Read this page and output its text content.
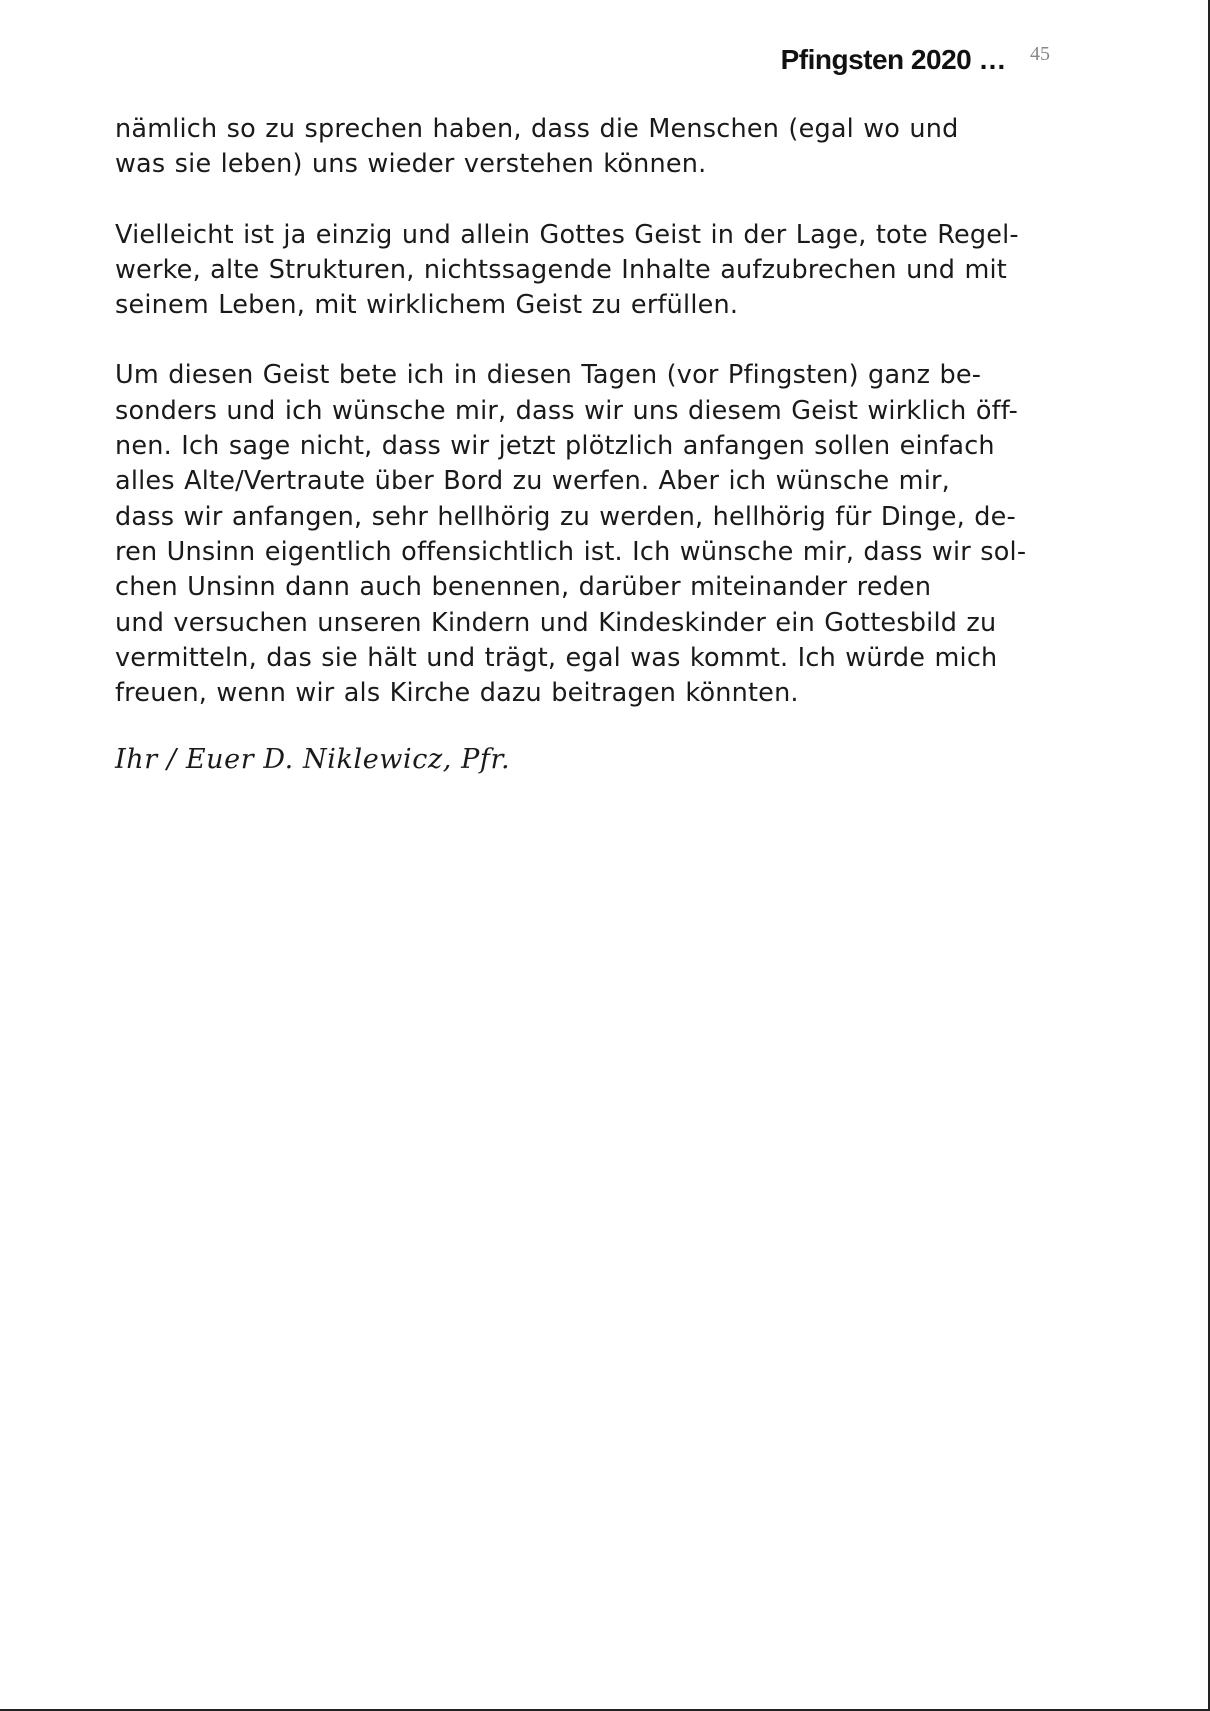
Pfingsten 2020 … 45

nämlich so zu sprechen haben, dass die Menschen (egal wo und
was sie leben) uns wieder verstehen können.

Vielleicht ist ja einzig und allein Gottes Geist in der Lage, tote Regel-
werke, alte Strukturen, nichtssagende Inhalte aufzubrechen und mit
seinem Leben, mit wirklichem Geist zu erfüllen.

Um diesen Geist bete ich in diesen Tagen (vor Pfingsten) ganz be-
sonders und ich wünsche mir, dass wir uns diesem Geist wirklich öff-
nen. Ich sage nicht, dass wir jetzt plötzlich anfangen sollen einfach
alles Alte/Vertraute über Bord zu werfen. Aber ich wünsche mir,
dass wir anfangen, sehr hellhörig zu werden, hellhörig für Dinge, de-
ren Unsinn eigentlich offensichtlich ist. Ich wünsche mir, dass wir sol-
chen Unsinn dann auch benennen, darüber miteinander reden
und versuchen unseren Kindern und Kindeskinder ein Gottesbild zu
vermitteln, das sie hält und trägt, egal was kommt. Ich würde mich
freuen, wenn wir als Kirche dazu beitragen könnten.

Ihr / Euer D. Niklewicz, Pfr.
